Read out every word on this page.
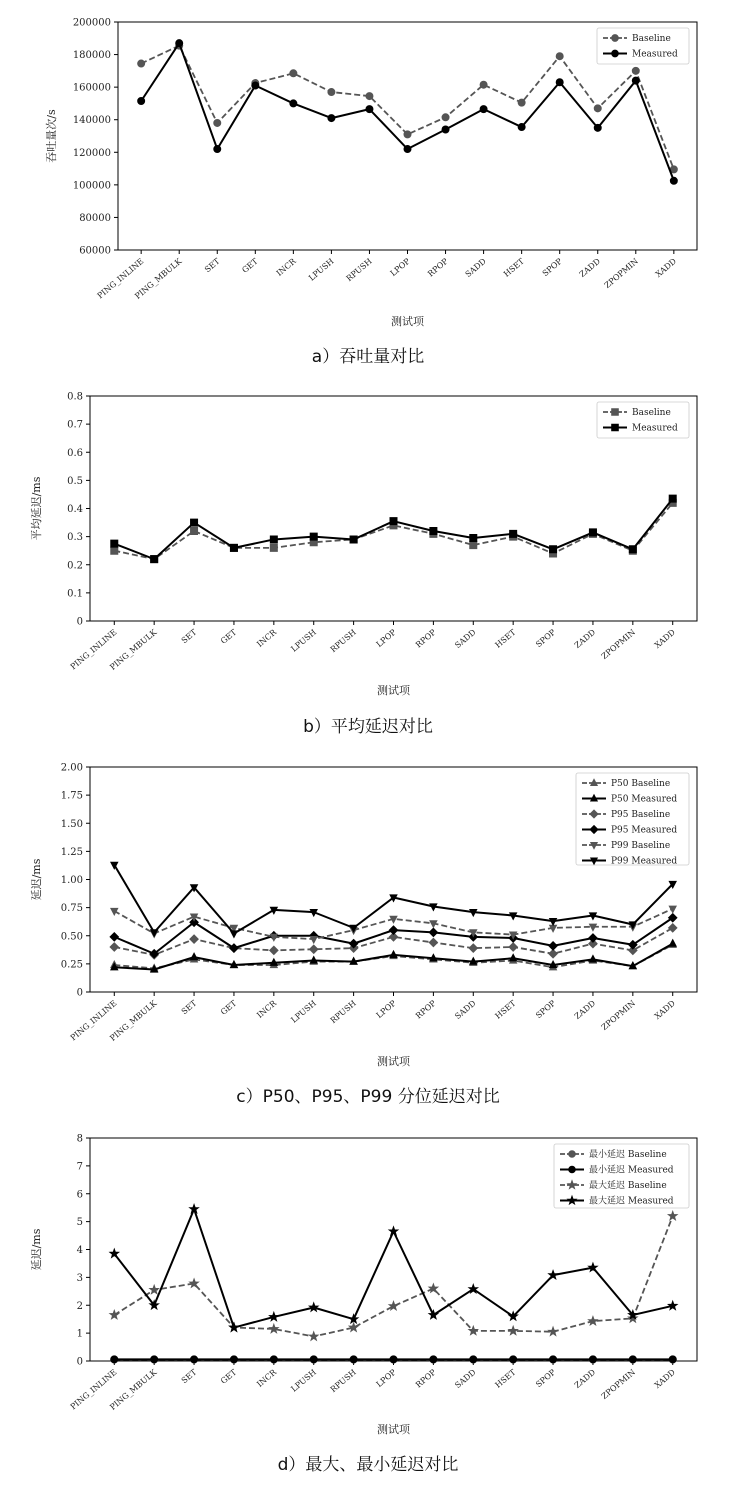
60000
80000
100000
120000
140000
160000
180000
200000
PING_INLINE
PING_MBULK SET GET INCR LPUSH RPUSH LPOP RPOP SADD HSET SPOP ZADD ZPOPMIN XADD
吞吐量次/s
测试项
Baseline
Measured
a）吞吐量对比
0
0.1
0.2
0.3
0.4
0.5
0.6
0.7
0.8
PING_INLINE
PING_MBULK	SET	GET INCR LPUSH RPUSH LPOP RPOP SADD HSET SPOP ZADD ZPOPMIN XADD
平均延迟/ms
测试项
Baseline
Measured
b）平均延迟对比
0
0.25
0.50
0.75
1.00
1.25
1.50
1.75
2.00
PING_INLINE
PING_MBULK	SET	GET INCR LPUSH RPUSH LPOP RPOP SADD HSET SPOP ZADD ZPOPMIN XADD
延迟/ms
测试项
P50 Baseline
P50 Measured
P95 Baseline
P95 Measured
P99 Baseline
P99 Measured
c）P50、P95、P99 分位延迟对比
0
1
2
3
4
5
6
7
8
PING_INLINE
PING_MBULK	SET	GET INCR LPUSH RPUSH LPOP RPOP SADD HSET SPOP ZADD ZPOPMIN XADD
延迟/ms
测试项
最小延迟 Baseline
最小延迟 Measured
最大延迟 Baseline
最大延迟 Measured
d）最大、最小延迟对比
